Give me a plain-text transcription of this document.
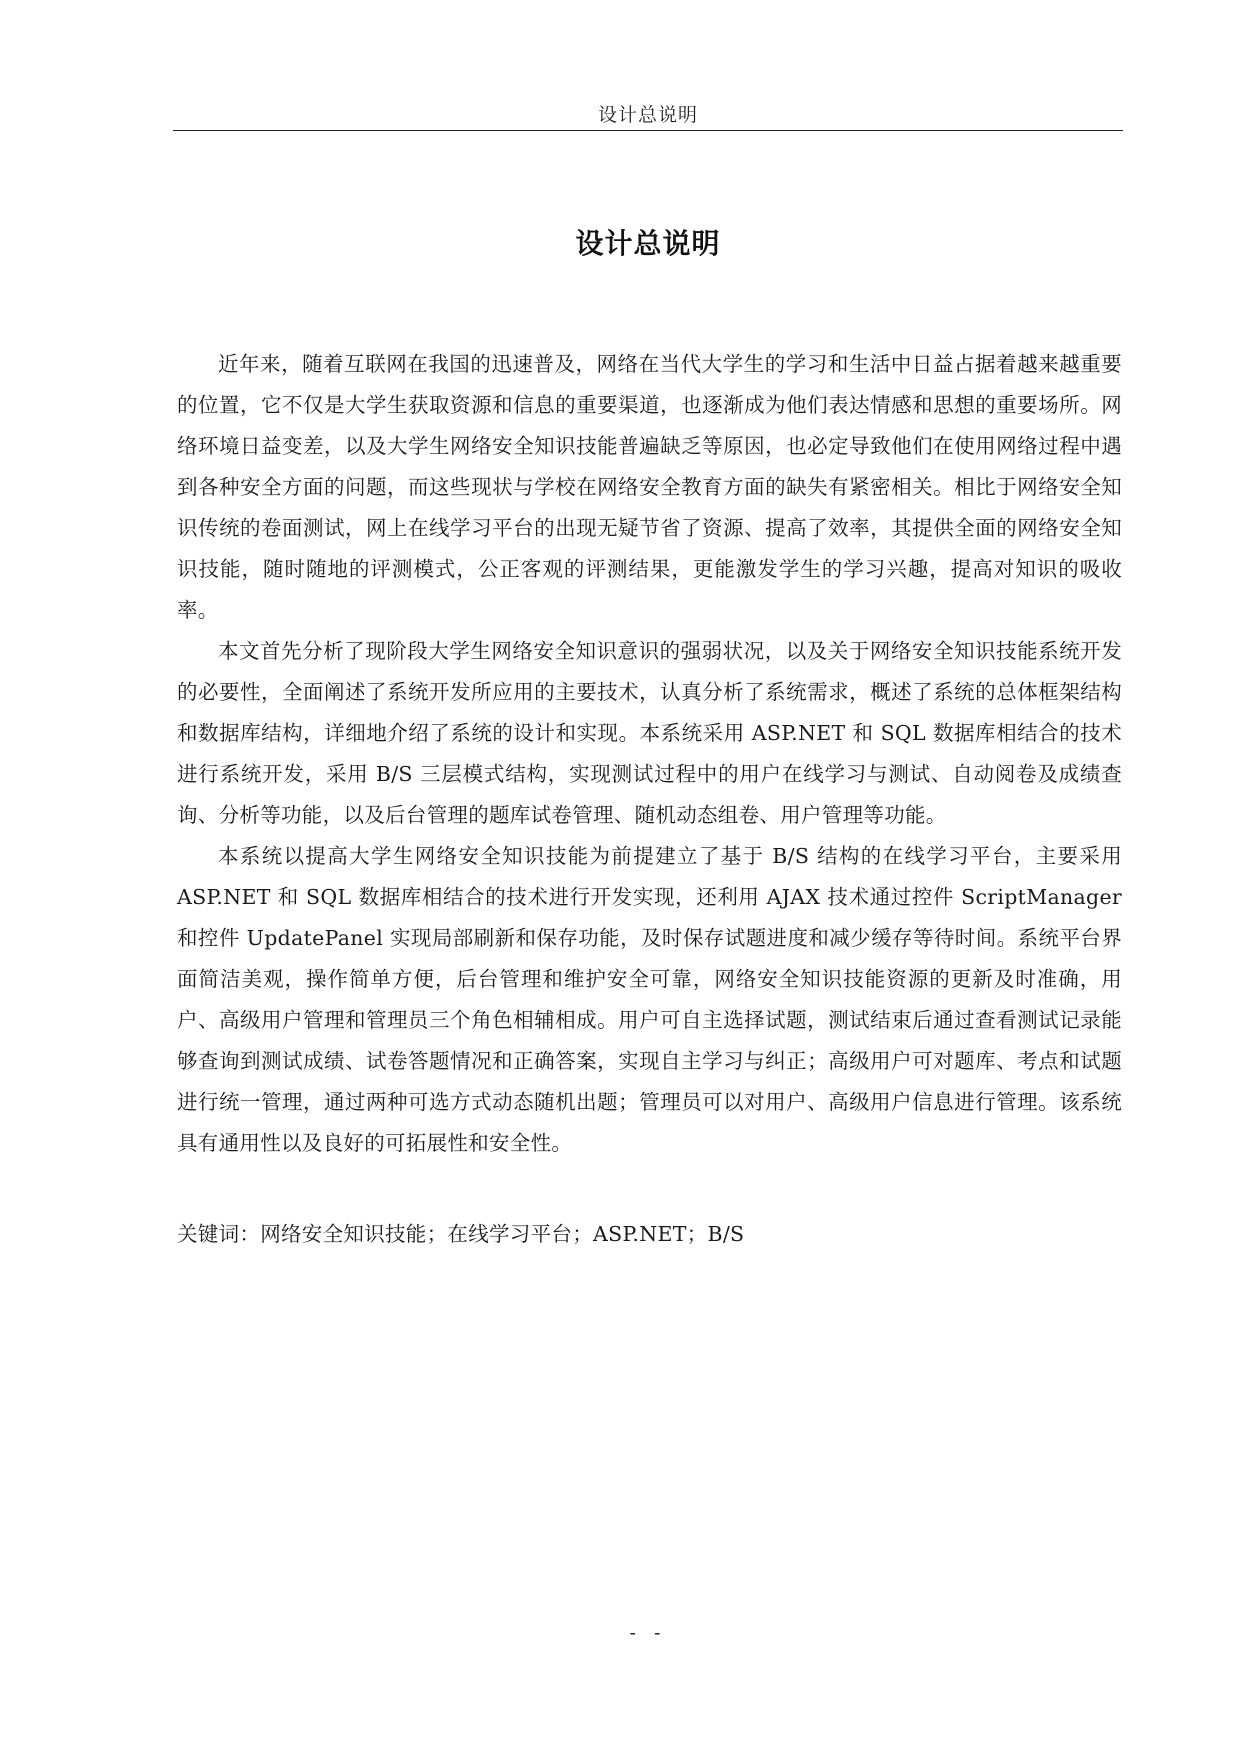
设计总说明
设计总说明

近年来，随着互联网在我国的迅速普及，网络在当代大学生的学习和生活中日益占据着越来越重要的位置，它不仅是大学生获取资源和信息的重要渠道，也逐渐成为他们表达情感和思想的重要场所。网络环境日益变差，以及大学生网络安全知识技能普遍缺乏等原因，也必定导致他们在使用网络过程中遇到各种安全方面的问题，而这些现状与学校在网络安全教育方面的缺失有紧密相关。相比于网络安全知识传统的卷面测试，网上在线学习平台的出现无疑节省了资源、提高了效率，其提供全面的网络安全知识技能，随时随地的评测模式，公正客观的评测结果，更能激发学生的学习兴趣，提高对知识的吸收率。

本文首先分析了现阶段大学生网络安全知识意识的强弱状况，以及关于网络安全知识技能系统开发的必要性，全面阐述了系统开发所应用的主要技术，认真分析了系统需求，概述了系统的总体框架结构和数据库结构，详细地介绍了系统的设计和实现。本系统采用 ASP.NET 和 SQL 数据库相结合的技术进行系统开发，采用 B/S 三层模式结构，实现测试过程中的用户在线学习与测试、自动阅卷及成绩查询、分析等功能，以及后台管理的题库试卷管理、随机动态组卷、用户管理等功能。

本系统以提高大学生网络安全知识技能为前提建立了基于 B/S 结构的在线学习平台，主要采用 ASP.NET 和 SQL 数据库相结合的技术进行开发实现，还利用 AJAX 技术通过控件 ScriptManager 和控件 UpdatePanel 实现局部刷新和保存功能，及时保存试题进度和减少缓存等待时间。系统平台界面简洁美观，操作简单方便，后台管理和维护安全可靠，网络安全知识技能资源的更新及时准确，用户、高级用户管理和管理员三个角色相辅相成。用户可自主选择试题，测试结束后通过查看测试记录能够查询到测试成绩、试卷答题情况和正确答案，实现自主学习与纠正；高级用户可对题库、考点和试题进行统一管理，通过两种可选方式动态随机出题；管理员可以对用户、高级用户信息进行管理。该系统具有通用性以及良好的可拓展性和安全性。

关键词：网络安全知识技能；在线学习平台；ASP.NET；B/S
- -
